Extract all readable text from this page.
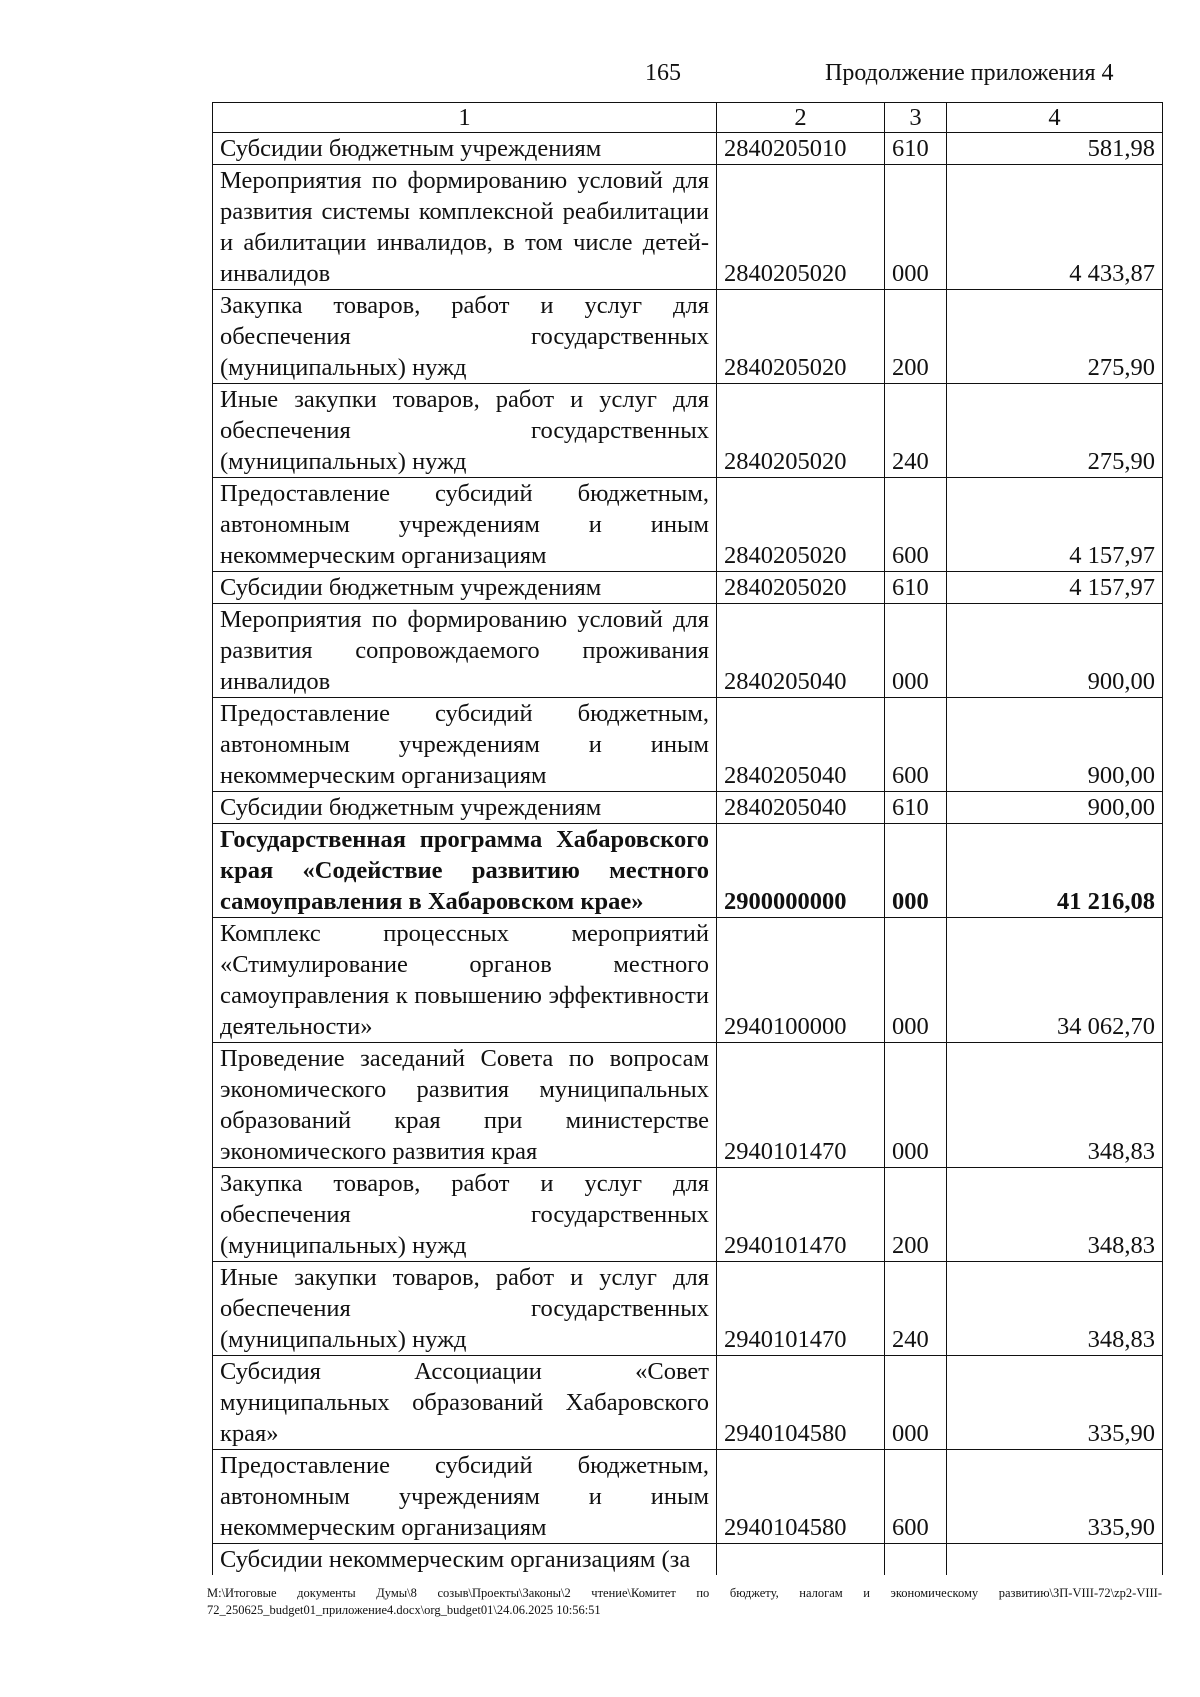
165	Продолжение приложения 4
1	2	3	4
Субсидии бюджетным учреждениям	2840205010	610	581,98
Мероприятия по формированию условий для развития системы комплексной реабилитации и абилитации инвалидов, в том числе детей-инвалидов	2840205020	000	4 433,87
Закупка товаров, работ и услуг для обеспечения государственных (муниципальных) нужд	2840205020	200	275,90
Иные закупки товаров, работ и услуг для обеспечения государственных (муниципальных) нужд	2840205020	240	275,90
Предоставление субсидий бюджетным, автономным учреждениям и иным некоммерческим организациям	2840205020	600	4 157,97
Субсидии бюджетным учреждениям	2840205020	610	4 157,97
Мероприятия по формированию условий для развития сопровождаемого проживания инвалидов	2840205040	000	900,00
Предоставление субсидий бюджетным, автономным учреждениям и иным некоммерческим организациям	2840205040	600	900,00
Субсидии бюджетным учреждениям	2840205040	610	900,00
Государственная программа Хабаровского края «Содействие развитию местного самоуправления в Хабаровском крае»	2900000000	000	41 216,08
Комплекс процессных мероприятий «Стимулирование органов местного самоуправления к повышению эффективности деятельности»	2940100000	000	34 062,70
Проведение заседаний Совета по вопросам экономического развития муниципальных образований края при министерстве экономического развития края	2940101470	000	348,83
Закупка товаров, работ и услуг для обеспечения государственных (муниципальных) нужд	2940101470	200	348,83
Иные закупки товаров, работ и услуг для обеспечения государственных (муниципальных) нужд	2940101470	240	348,83
Субсидия Ассоциации «Совет муниципальных образований Хабаровского края»	2940104580	000	335,90
Предоставление субсидий бюджетным, автономным учреждениям и иным некоммерческим организациям	2940104580	600	335,90
Субсидии некоммерческим организациям (за			
М:\Итоговые документы Думы\8 созыв\Проекты\Законы\2 чтение\Комитет по бюджету, налогам и экономическому развитию\ЗП-VIII-72\zp2-VIII-72_250625_budget01_приложение4.docx\org_budget01\24.06.2025 10:56:51
